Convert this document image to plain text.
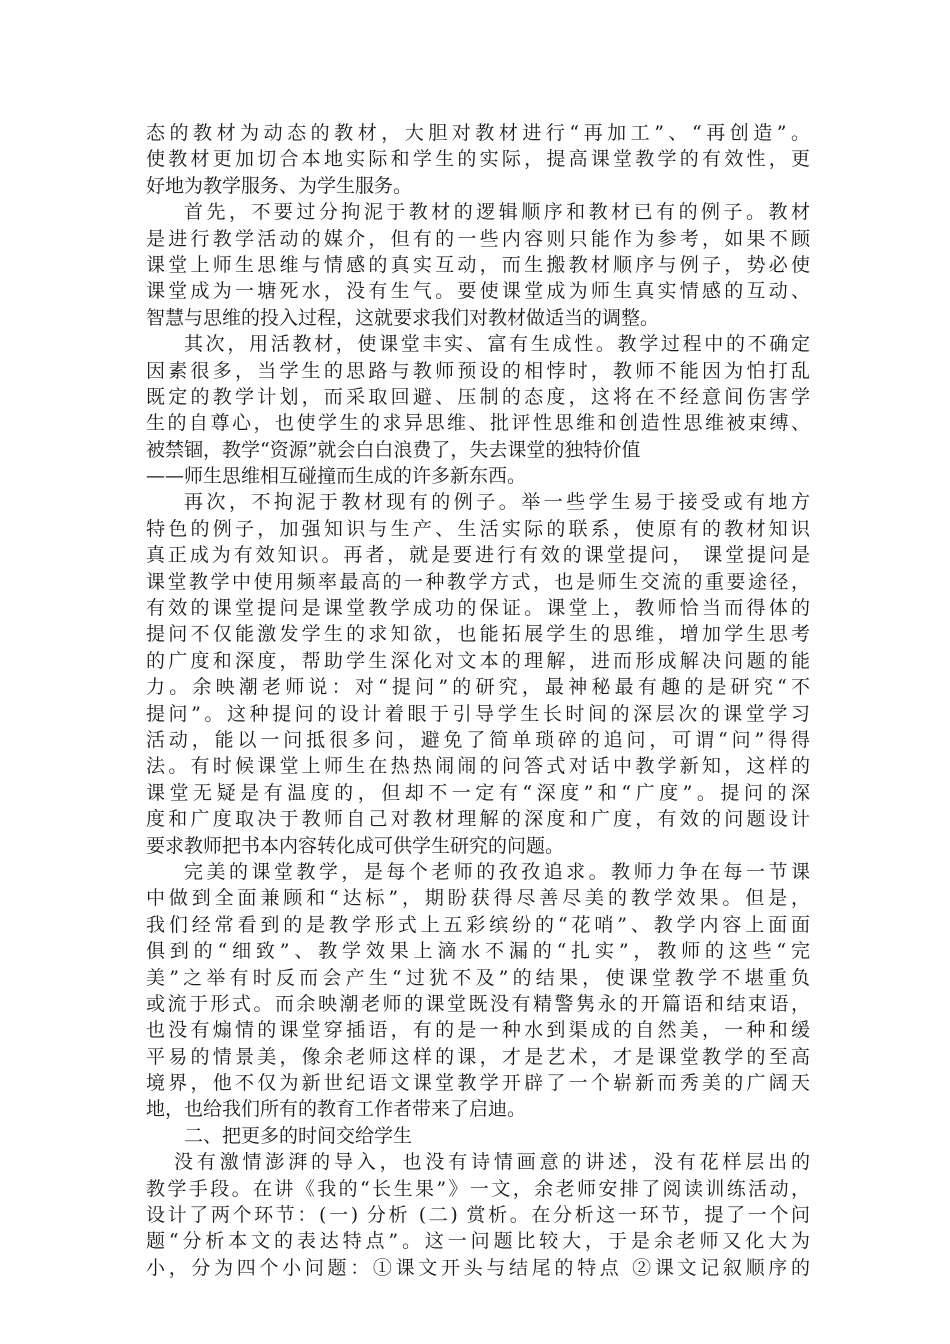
态的教材为动态的教材，大胆对教材进行“再加工”、“再创造”。
使教材更加切合本地实际和学生的实际，提高课堂教学的有效性，更
好地为教学服务、为学生服务。
首先，不要过分拘泥于教材的逻辑顺序和教材已有的例子。教材
是进行教学活动的媒介，但有的一些内容则只能作为参考，如果不顾
课堂上师生思维与情感的真实互动，而生搬教材顺序与例子，势必使
课堂成为一塘死水，没有生气。要使课堂成为师生真实情感的互动、
智慧与思维的投入过程，这就要求我们对教材做适当的调整。
其次，用活教材，使课堂丰实、富有生成性。教学过程中的不确定
因素很多，当学生的思路与教师预设的相悖时，教师不能因为怕打乱
既定的教学计划，而采取回避、压制的态度，这将在不经意间伤害学
生的自尊心，也使学生的求异思维、批评性思维和创造性思维被束缚、
被禁锢，教学“资源”就会白白浪费了，失去课堂的独特价值
——师生思维相互碰撞而生成的许多新东西。
再次，不拘泥于教材现有的例子。举一些学生易于接受或有地方
特色的例子，加强知识与生产、生活实际的联系，使原有的教材知识
真正成为有效知识。再者，就是要进行有效的课堂提问， 课堂提问是
课堂教学中使用频率最高的一种教学方式，也是师生交流的重要途径，
有效的课堂提问是课堂教学成功的保证。课堂上，教师恰当而得体的
提问不仅能激发学生的求知欲，也能拓展学生的思维，增加学生思考
的广度和深度，帮助学生深化对文本的理解，进而形成解决问题的能
力。余映潮老师说：对“提问”的研究，最神秘最有趣的是研究“不
提问”。这种提问的设计着眼于引导学生长时间的深层次的课堂学习
活动，能以一问抵很多问，避免了简单琐碎的追问，可谓“问”得得
法。有时候课堂上师生在热热闹闹的问答式对话中教学新知，这样的
课堂无疑是有温度的，但却不一定有“深度”和“广度”。提问的深
度和广度取决于教师自己对教材理解的深度和广度，有效的问题设计
要求教师把书本内容转化成可供学生研究的问题。
完美的课堂教学，是每个老师的孜孜追求。教师力争在每一节课
中做到全面兼顾和“达标”，期盼获得尽善尽美的教学效果。但是，
我们经常看到的是教学形式上五彩缤纷的“花哨”、教学内容上面面
俱到的“细致”、教学效果上滴水不漏的“扎实”，教师的这些“完
美”之举有时反而会产生“过犹不及”的结果，使课堂教学不堪重负
或流于形式。而余映潮老师的课堂既没有精警隽永的开篇语和结束语，
也没有煽情的课堂穿插语，有的是一种水到渠成的自然美，一种和缓
平易的情景美，像余老师这样的课，才是艺术，才是课堂教学的至高
境界，他不仅为新世纪语文课堂教学开辟了一个崭新而秀美的广阔天
地，也给我们所有的教育工作者带来了启迪。
二、把更多的时间交给学生
没有激情澎湃的导入，也没有诗情画意的讲述，没有花样层出的
教学手段。在讲《我的“长生果”》一文，余老师安排了阅读训练活动，
设计了两个环节：(一) 分析 (二) 赏析。在分析这一环节，提了一个问
题“分析本文的表达特点”。这一问题比较大，于是余老师又化大为
小，分为四个小问题：①课文开头与结尾的特点 ②课文记叙顺序的
